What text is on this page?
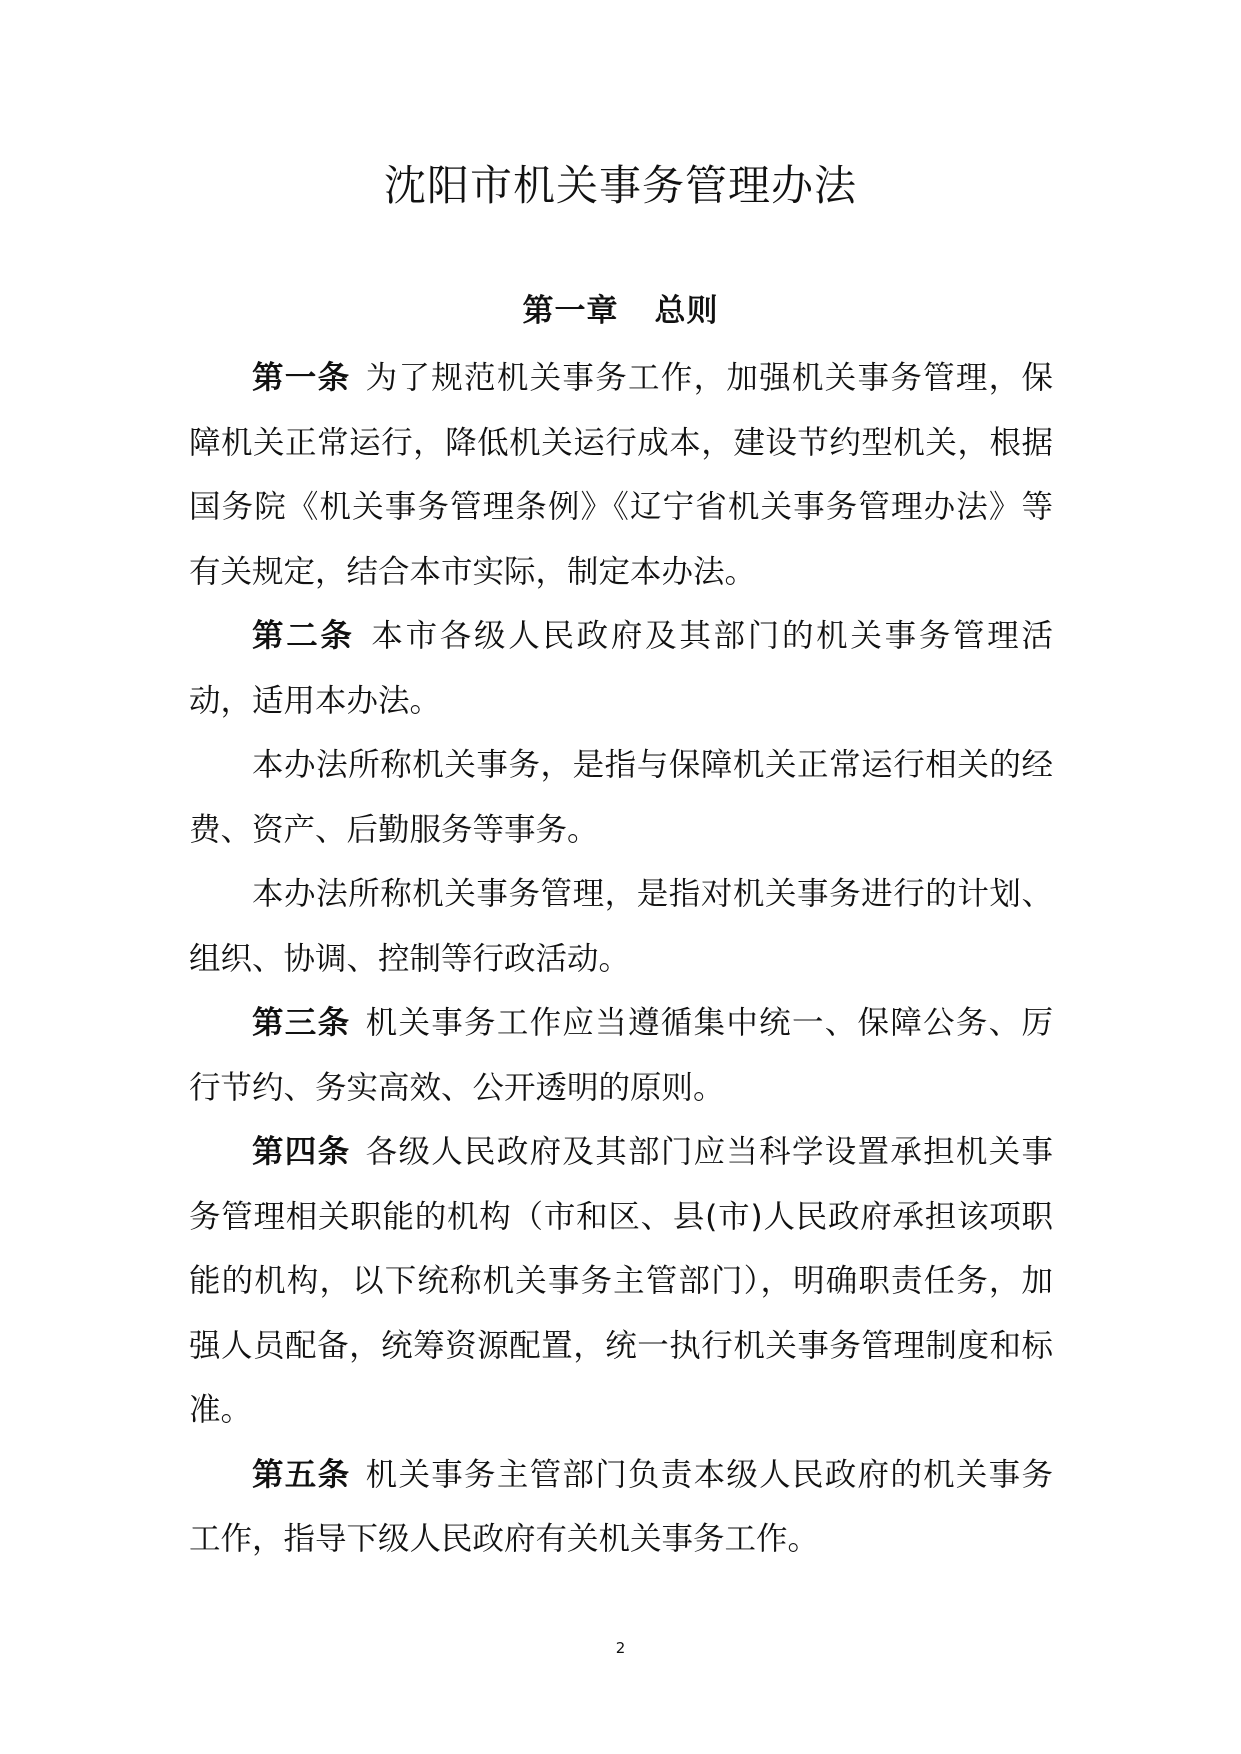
沈阳市机关事务管理办法
第一章 总则

第一条 为了规范机关事务工作，加强机关事务管理，保障机关正常运行，降低机关运行成本，建设节约型机关，根据国务院《机关事务管理条例》《辽宁省机关事务管理办法》等有关规定，结合本市实际，制定本办法。

第二条 本市各级人民政府及其部门的机关事务管理活动，适用本办法。

本办法所称机关事务，是指与保障机关正常运行相关的经费、资产、后勤服务等事务。

本办法所称机关事务管理，是指对机关事务进行的计划、组织、协调、控制等行政活动。

第三条 机关事务工作应当遵循集中统一、保障公务、厉行节约、务实高效、公开透明的原则。

第四条 各级人民政府及其部门应当科学设置承担机关事务管理相关职能的机构（市和区、县(市)人民政府承担该项职能的机构，以下统称机关事务主管部门），明确职责任务，加强人员配备，统筹资源配置，统一执行机关事务管理制度和标准。

第五条 机关事务主管部门负责本级人民政府的机关事务工作，指导下级人民政府有关机关事务工作。

2
